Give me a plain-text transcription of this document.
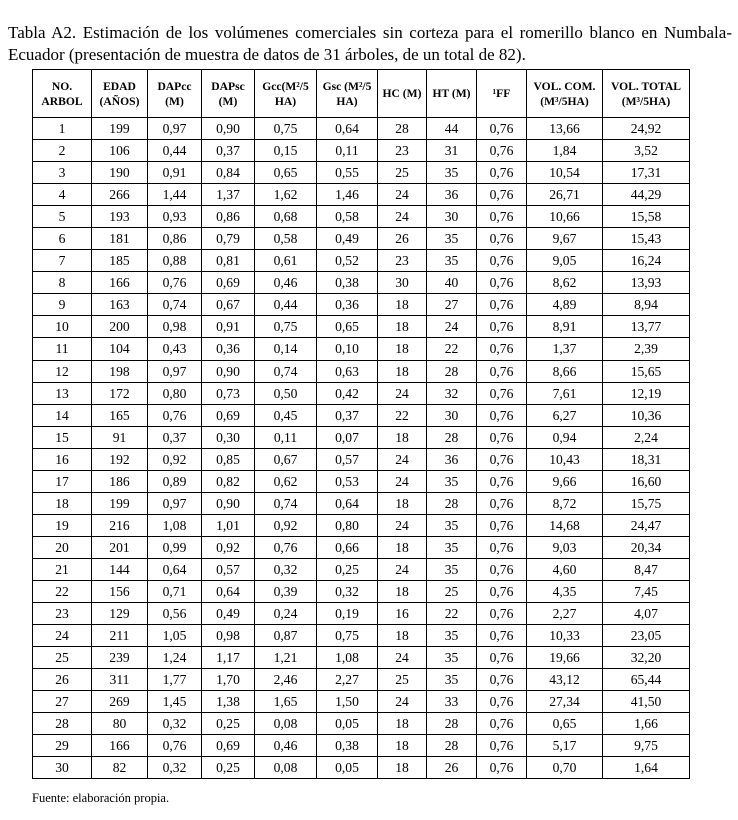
Tabla A2. Estimación de los volúmenes comerciales sin corteza para el romerillo blanco en Numbala- Ecuador (presentación de muestra de datos de 31 árboles, de un total de 82).

NO. ARBOL	EDAD (AÑOS)	DAPcc (M)	DAPsc (M)	Gcc(M²/5 HA)	Gsc (M²/5 HA)	HC (M)	HT (M)	¹FF	VOL. COM. (M³/5HA)	VOL. TOTAL (M³/5HA)
1	199	0,97	0,90	0,75	0,64	28	44	0,76	13,66	24,92
2	106	0,44	0,37	0,15	0,11	23	31	0,76	1,84	3,52
3	190	0,91	0,84	0,65	0,55	25	35	0,76	10,54	17,31
4	266	1,44	1,37	1,62	1,46	24	36	0,76	26,71	44,29
5	193	0,93	0,86	0,68	0,58	24	30	0,76	10,66	15,58
6	181	0,86	0,79	0,58	0,49	26	35	0,76	9,67	15,43
7	185	0,88	0,81	0,61	0,52	23	35	0,76	9,05	16,24
8	166	0,76	0,69	0,46	0,38	30	40	0,76	8,62	13,93
9	163	0,74	0,67	0,44	0,36	18	27	0,76	4,89	8,94
10	200	0,98	0,91	0,75	0,65	18	24	0,76	8,91	13,77
11	104	0,43	0,36	0,14	0,10	18	22	0,76	1,37	2,39
12	198	0,97	0,90	0,74	0,63	18	28	0,76	8,66	15,65
13	172	0,80	0,73	0,50	0,42	24	32	0,76	7,61	12,19
14	165	0,76	0,69	0,45	0,37	22	30	0,76	6,27	10,36
15	91	0,37	0,30	0,11	0,07	18	28	0,76	0,94	2,24
16	192	0,92	0,85	0,67	0,57	24	36	0,76	10,43	18,31
17	186	0,89	0,82	0,62	0,53	24	35	0,76	9,66	16,60
18	199	0,97	0,90	0,74	0,64	18	28	0,76	8,72	15,75
19	216	1,08	1,01	0,92	0,80	24	35	0,76	14,68	24,47
20	201	0,99	0,92	0,76	0,66	18	35	0,76	9,03	20,34
21	144	0,64	0,57	0,32	0,25	24	35	0,76	4,60	8,47
22	156	0,71	0,64	0,39	0,32	18	25	0,76	4,35	7,45
23	129	0,56	0,49	0,24	0,19	16	22	0,76	2,27	4,07
24	211	1,05	0,98	0,87	0,75	18	35	0,76	10,33	23,05
25	239	1,24	1,17	1,21	1,08	24	35	0,76	19,66	32,20
26	311	1,77	1,70	2,46	2,27	25	35	0,76	43,12	65,44
27	269	1,45	1,38	1,65	1,50	24	33	0,76	27,34	41,50
28	80	0,32	0,25	0,08	0,05	18	28	0,76	0,65	1,66
29	166	0,76	0,69	0,46	0,38	18	28	0,76	5,17	9,75
30	82	0,32	0,25	0,08	0,05	18	26	0,76	0,70	1,64
Fuente: elaboración propia.
